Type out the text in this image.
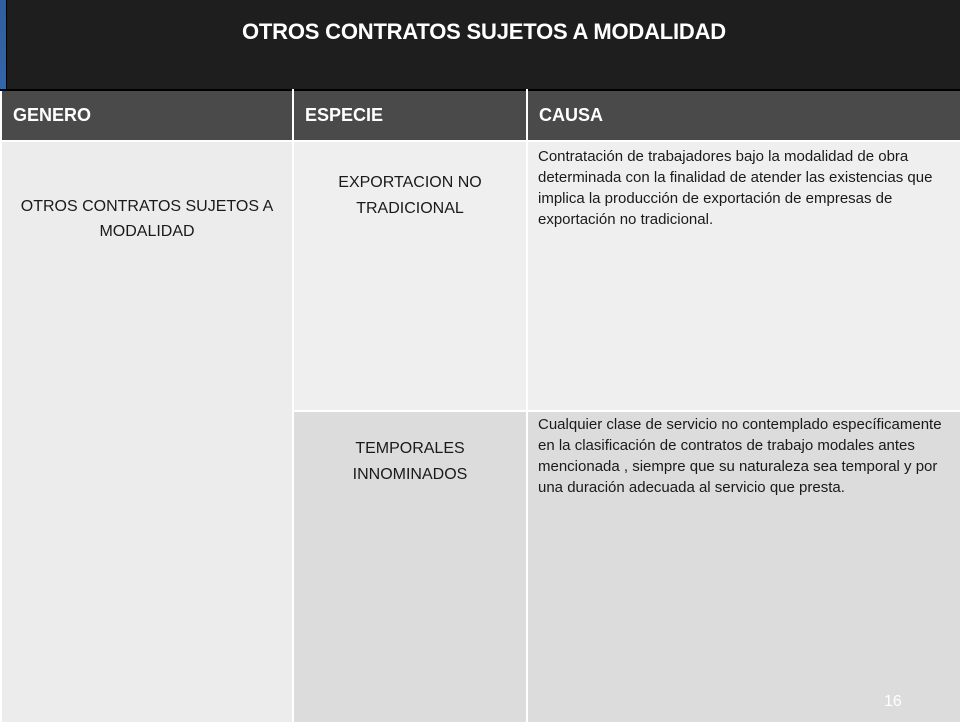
OTROS CONTRATOS SUJETOS A MODALIDAD
GENERO	ESPECIE	CAUSA

OTROS CONTRATOS SUJETOS A MODALIDAD	EXPORTACION NO TRADICIONAL	Contratación de trabajadores bajo la modalidad de obra determinada con la finalidad de atender las existencias que implica la producción de exportación de empresas de exportación no tradicional.

	TEMPORALES INNOMINADOS	Cualquier clase de servicio no contemplado específicamente en la clasificación de contratos de trabajo modales antes mencionada , siempre que su naturaleza sea temporal y por una duración adecuada al servicio que presta.
16
